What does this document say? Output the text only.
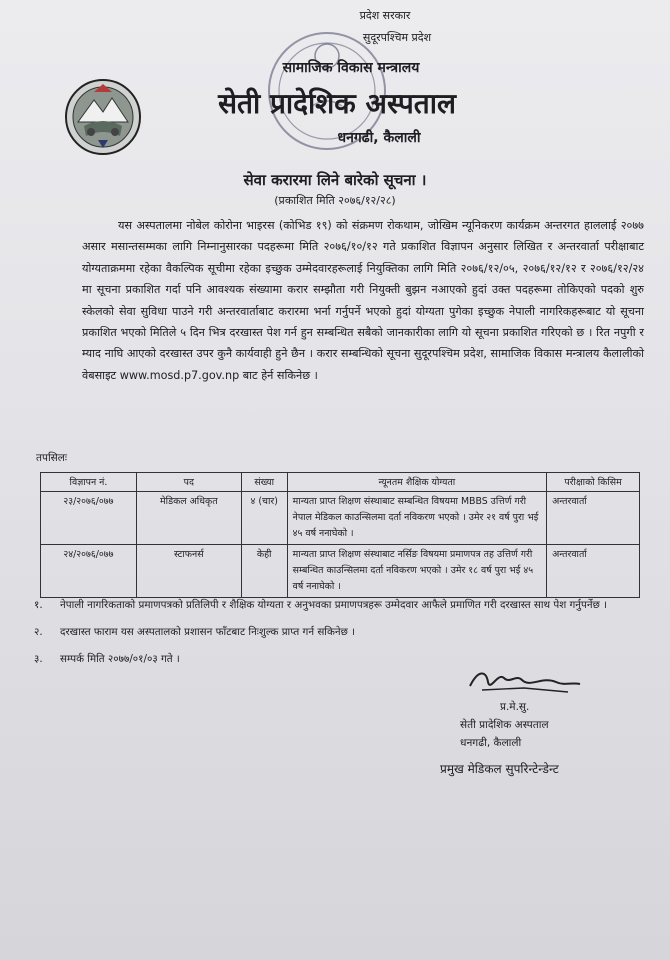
प्रदेश सरकार
सुदूरपश्चिम प्रदेश
सामाजिक विकास मन्त्रालय
सेती प्रादेशिक अस्पताल
धनगढी, कैलाली
सेवा करारमा लिने बारेको सूचना ।
(प्रकाशित मिति २०७६/१२/२८)

यस अस्पतालमा नोबेल कोरोना भाइरस (कोभिड १९) को संक्रमण रोकथाम, जोखिम न्यूनिकरण कार्यक्रम अन्तरगत हाललाई २०७७ असार मसान्तसम्मका लागि निम्नानुसारका पदहरूमा मिति २०७६/१०/१२ गते प्रकाशित विज्ञापन अनुसार लिखित र अन्तरवार्ता परीक्षाबाट योग्यताक्रममा रहेका वैकल्पिक सूचीमा रहेका इच्छुक उम्मेदवारहरूलाई नियुक्तिका लागि मिति २०७६/१२/०५, २०७६/१२/१२ र २०७६/१२/२४ मा सूचना प्रकाशित गर्दा पनि आवश्यक संख्यामा करार सम्झौता गरी नियुक्ती बुझन नआएको हुदां उक्त पदहरूमा तोकिएको पदको शुरु स्केलको सेवा सुविधा पाउने गरी अन्तरवार्ताबाट करारमा भर्ना गर्नुपर्ने भएको हुदां योग्यता पुगेका इच्छुक नेपाली नागरिकहरूबाट यो सूचना प्रकाशित भएको मितिले ५ दिन भित्र दरखास्त पेश गर्न हुन सम्बन्धित सबैको जानकारीका लागि यो सूचना प्रकाशित गरिएको छ । रित नपुगी र म्याद नाघि आएको दरखास्त उपर कुनै कार्यवाही हुने छैन । करार सम्बन्धिको सूचना सुदूरपश्चिम प्रदेश, सामाजिक विकास मन्त्रालय कैलालीको वेबसाइट www.mosd.p7.gov.np बाट हेर्न सकिनेछ ।

तपसिलः
विज्ञापन नं.	पद	संख्या	न्यूनतम शैक्षिक योग्यता	परीक्षाको किसिम
२३/२०७६/०७७	मेडिकल अधिकृत	४ (चार)	मान्यता प्राप्त शिक्षण संस्थाबाट सम्बन्धित विषयमा MBBS उत्तिर्ण गरी नेपाल मेडिकल काउन्सिलमा दर्ता नविकरण भएको । उमेर २१ वर्ष पुरा भई ४५ वर्ष ननाघेको ।	अन्तरवार्ता
२४/२०७६/०७७	स्टाफनर्स	केही	मान्यता प्राप्त शिक्षण संस्थाबाट नर्सिङ विषयमा प्रमाणपत्र तह उत्तिर्ण गरी सम्बन्धित काउन्सिलमा दर्ता नविकरण भएको । उमेर १८ वर्ष पुरा भई ४५ वर्ष ननाघेको ।	अन्तरवार्ता
१.	नेपाली नागरिकताको प्रमाणपत्रको प्रतिलिपी र शैक्षिक योग्यता र अनुभवका प्रमाणपत्रहरू उम्मेदवार आफैले प्रमाणित गरी दरखास्त साथ पेश गर्नुपर्नेछ ।
२.	दरखास्त फाराम यस अस्पतालको प्रशासन फाँटबाट निःशुल्क प्राप्त गर्न सकिनेछ ।
३.	सम्पर्क मिति २०७७/०१/०३ गते ।
प्र.मे.सु.
सेती प्रादेशिक अस्पताल
धनगढी, कैलाली
प्रमुख मेडिकल सुपरिन्टेन्डेन्ट
